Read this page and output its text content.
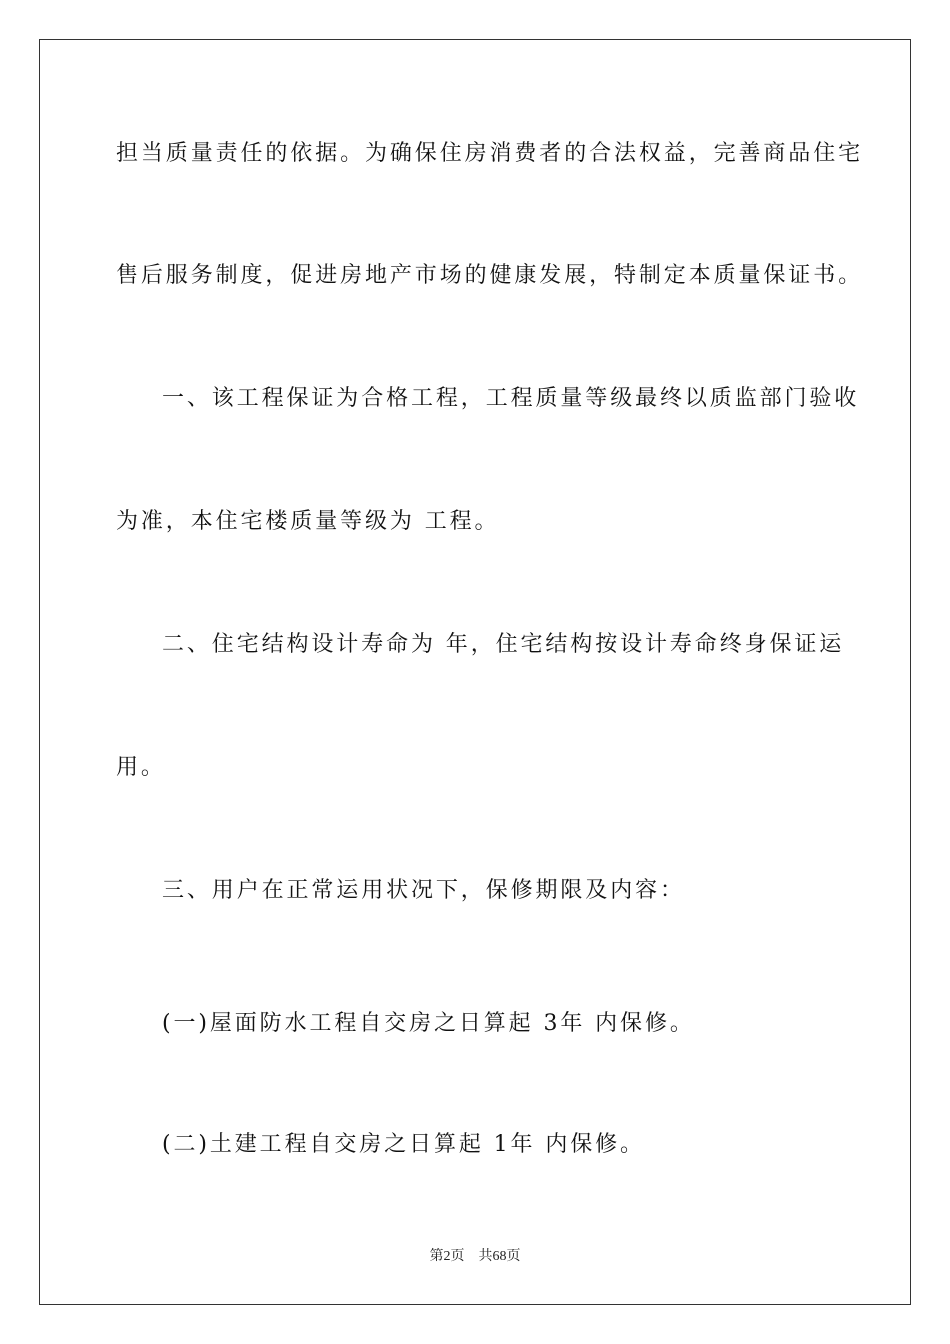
担当质量责任的依据。为确保住房消费者的合法权益，完善商品住宅
售后服务制度，促进房地产市场的健康发展，特制定本质量保证书。
一、该工程保证为合格工程，工程质量等级最终以质监部门验收
为准，本住宅楼质量等级为 工程。
二、住宅结构设计寿命为 年，住宅结构按设计寿命终身保证运
用。
三、用户在正常运用状况下，保修期限及内容：
(一)屋面防水工程自交房之日算起 3年 内保修。
(二)土建工程自交房之日算起 1年 内保修。
第2页 共68页
